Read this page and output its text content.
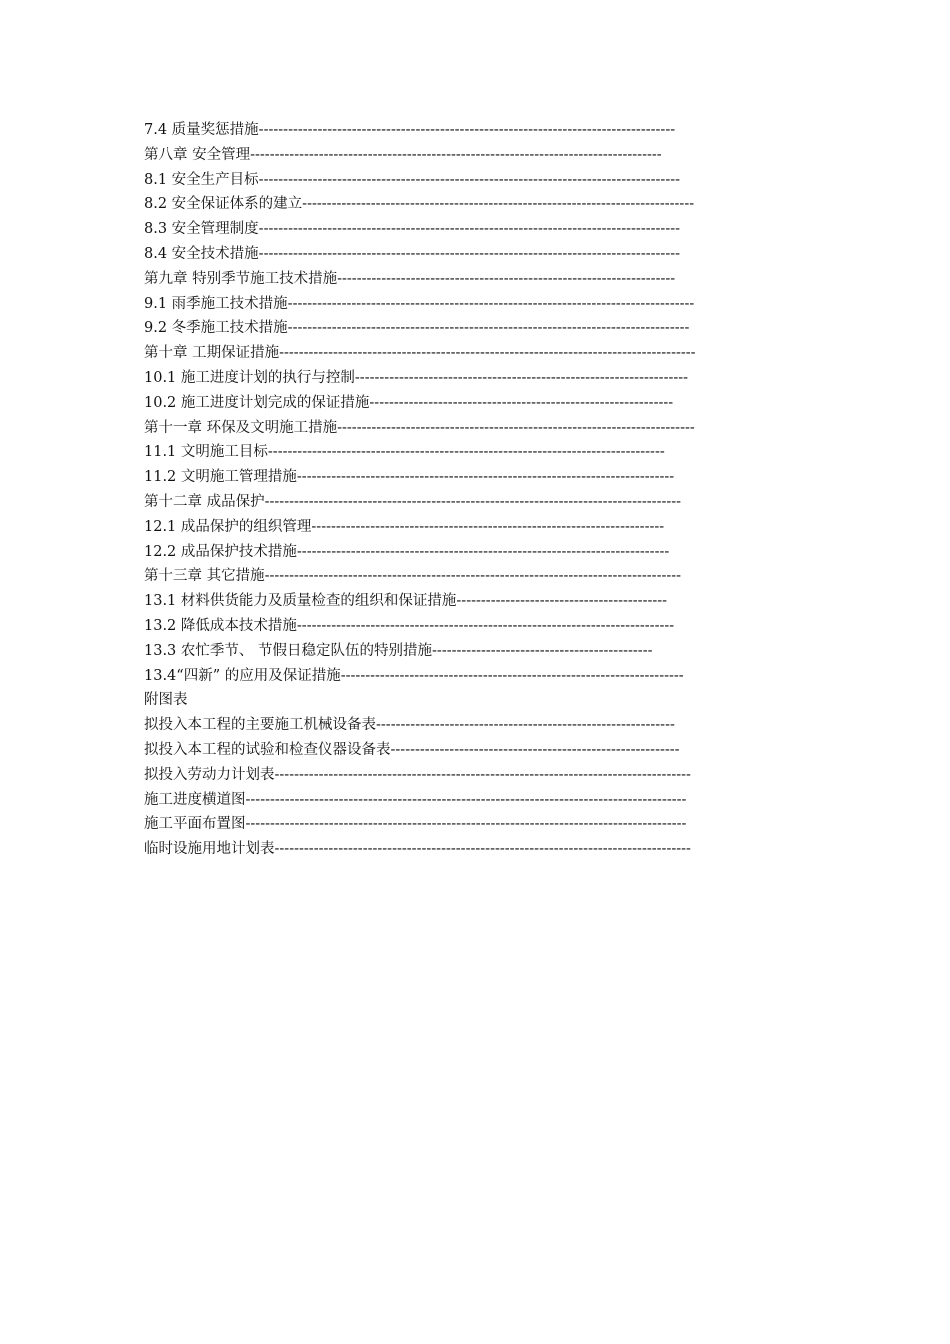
7.4 质量奖惩措施-------------------------------------------------------------------------------------
第八章 安全管理------------------------------------------------------------------------------------
8.1 安全生产目标--------------------------------------------------------------------------------------
8.2 安全保证体系的建立--------------------------------------------------------------------------------
8.3 安全管理制度--------------------------------------------------------------------------------------
8.4 安全技术措施--------------------------------------------------------------------------------------
第九章 特别季节施工技术措施---------------------------------------------------------------------
9.1 雨季施工技术措施-----------------------------------------------------------------------------------
9.2 冬季施工技术措施----------------------------------------------------------------------------------
第十章 工期保证措施-------------------------------------------------------------------------------------
10.1 施工进度计划的执行与控制--------------------------------------------------------------------
10.2 施工进度计划完成的保证措施--------------------------------------------------------------
第十一章 环保及文明施工措施-------------------------------------------------------------------------
11.1 文明施工目标---------------------------------------------------------------------------------
11.2 文明施工管理措施-----------------------------------------------------------------------------
第十二章 成品保护-------------------------------------------------------------------------------------
12.1 成品保护的组织管理------------------------------------------------------------------------
12.2 成品保护技术措施----------------------------------------------------------------------------
第十三章 其它措施-------------------------------------------------------------------------------------
13.1 材料供货能力及质量检查的组织和保证措施-------------------------------------------
13.2 降低成本技术措施-----------------------------------------------------------------------------
13.3 农忙季节、 节假日稳定队伍的特别措施---------------------------------------------
13.4“四新” 的应用及保证措施----------------------------------------------------------------------
附图表
拟投入本工程的主要施工机械设备表-------------------------------------------------------------
拟投入本工程的试验和检查仪器设备表-----------------------------------------------------------
拟投入劳动力计划表-------------------------------------------------------------------------------------
施工进度横道图------------------------------------------------------------------------------------------
施工平面布置图------------------------------------------------------------------------------------------
临时设施用地计划表-------------------------------------------------------------------------------------
